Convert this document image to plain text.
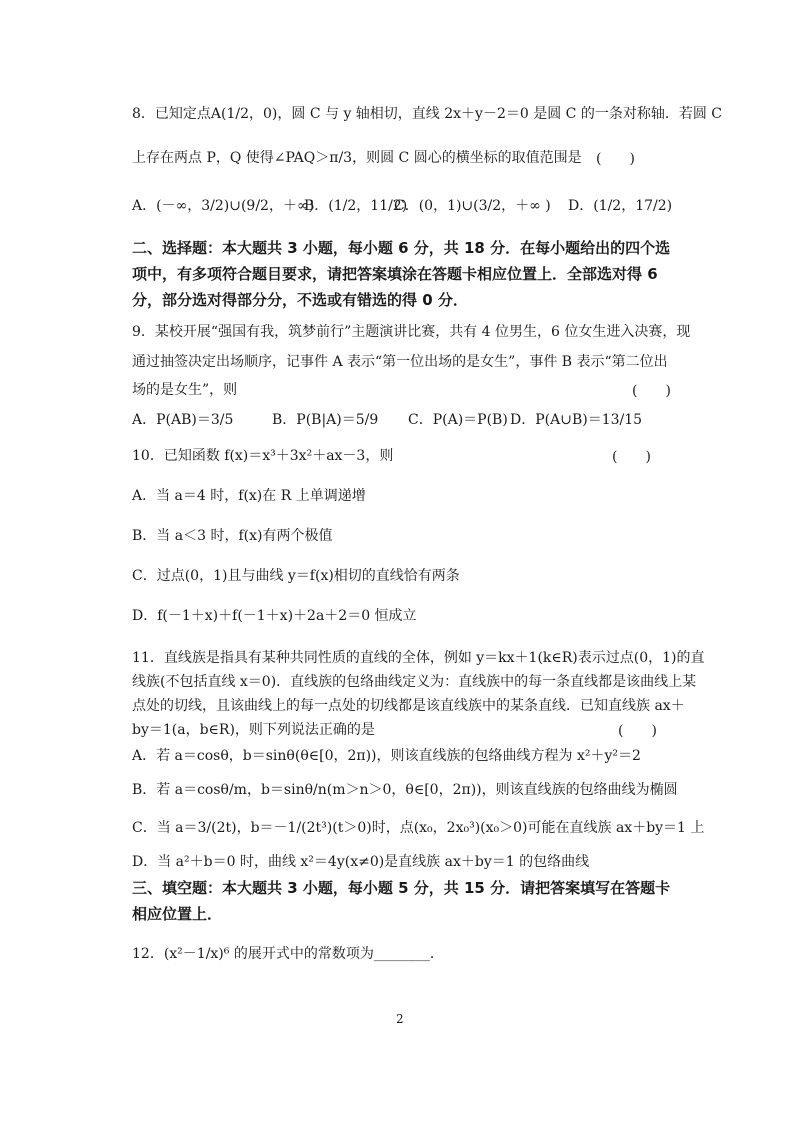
8．已知定点A(1/2，0)，圆 C 与 y 轴相切，直线 2x＋y－2＝0 是圆 C 的一条对称轴．若圆 C
上存在两点 P，Q 使得∠PAQ＞π/3，则圆 C 圆心的横坐标的取值范围是 (　　)
A．(－∞，3/2)∪(9/2，＋∞)
B．(1/2，11/2)
C．(0，1)∪(3/2，＋∞ ) D．(1/2，17/2)
二、选择题：本大题共 3 小题，每小题 6 分，共 18 分．在每小题给出的四个选
项中，有多项符合题目要求，请把答案填涂在答题卡相应位置上．全部选对得 6
分，部分选对得部分分，不选或有错选的得 0 分．
9．某校开展“强国有我，筑梦前行”主题演讲比赛，共有 4 位男生，6 位女生进入决赛，现
通过抽签决定出场顺序，记事件 A 表示“第一位出场的是女生”，事件 B 表示“第二位出
场的是女生”，则	(　　)
A．P(AB)＝3/5	B．P(B|A)＝5/9 C．P(A)＝P(B) D．P(A∪B)＝13/15
10．已知函数 f(x)＝x³＋3x²＋ax－3，则	(　　)
A．当 a＝4 时，f(x)在 R 上单调递增
B．当 a＜3 时，f(x)有两个极值
C．过点(0，1)且与曲线 y＝f(x)相切的直线恰有两条
D．f(－1＋x)＋f(－1＋x)＋2a＋2＝0 恒成立
11．直线族是指具有某种共同性质的直线的全体，例如 y＝kx＋1(k∈R)表示过点(0，1)的直
线族(不包括直线 x＝0)．直线族的包络曲线定义为：直线族中的每一条直线都是该曲线上某
点处的切线，且该曲线上的每一点处的切线都是该直线族中的某条直线．已知直线族 ax＋
by＝1(a，b∈R)，则下列说法正确的是	(　　)
A．若 a＝cosθ，b＝sinθ(θ∈[0，2π))，则该直线族的包络曲线方程为 x²＋y²＝2
B．若 a＝cosθ/m，b＝sinθ/n(m＞n＞0，θ∈[0，2π))，则该直线族的包络曲线为椭圆
C．当 a＝3/(2t)，b＝－1/(2t³)(t＞0)时，点(x₀，2x₀³)(x₀＞0)可能在直线族 ax＋by＝1 上
D．当 a²＋b＝0 时，曲线 x²＝4y(x≠0)是直线族 ax＋by＝1 的包络曲线
三、填空题：本大题共 3 小题，每小题 5 分，共 15 分．请把答案填写在答题卡
相应位置上．
12．(x²－1/x)⁶ 的展开式中的常数项为________．
2
